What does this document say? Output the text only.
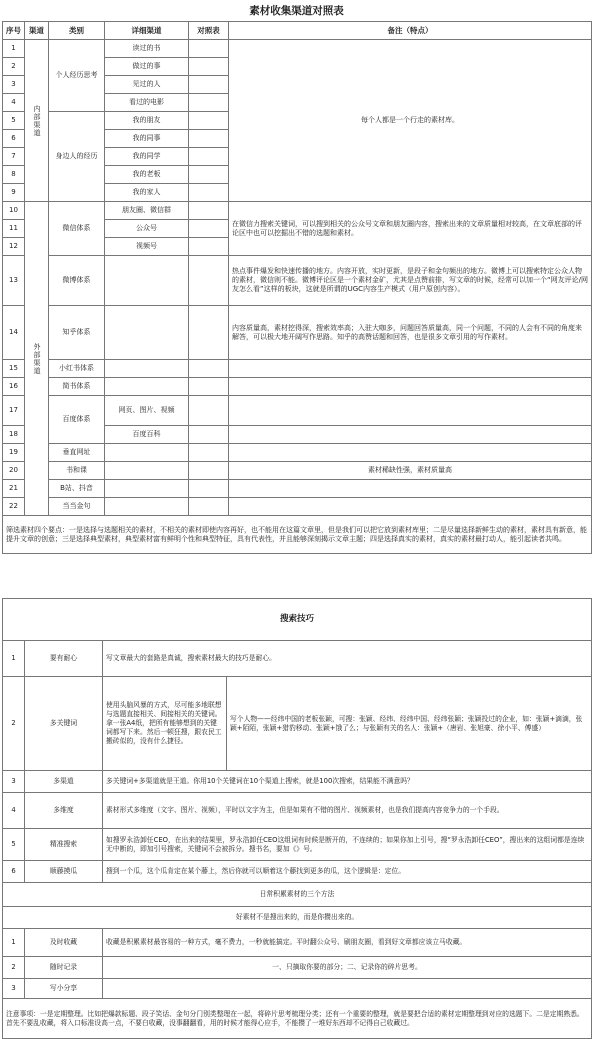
素材收集渠道对照表
序号	渠道	类别	详细渠道	对照表	备注（特点）
1	内部渠道	个人经历思考	读过的书		每个人都是一个行走的素材库。
2			做过的事		
3			见过的人		
4			看过的电影		
5		身边人的经历	我的朋友		
6			我的同事		
7			我的同学		
8			我的老板		
9			我的家人		
10	外部渠道	微信体系	朋友圈、微信群		在微信力搜索关键词，可以搜到相关的公众号文章和朋友圈内容，搜索出来的文章质量相对较高，在文章底部的评论区中也可以挖掘出不错的选题和素材。
11			公众号		
12			视频号		
13		微博体系			热点事件爆发和快速传播的地方。内容开放，实时更新，是段子和金句频出的地方。微博上可以搜索特定公众人物的素材，微信则不能。微博评论区是一个素材金矿，尤其是点赞前排，写文章的时候，经常可以加一个“网友评论/网友怎么看”这样的板块，这就是所谓的UGC内容生产模式（用户原创内容）。
14		知乎体系			内容质量高，素材挖得深，搜索效率高；入驻大咖多，问题回答质量高，同一个问题，不同的人会有不同的角度来解答，可以极大地开阔写作思路。知乎的高赞话题和回答，也是很多文章引用的写作素材。
15		小红书体系			
16		简书体系			
17		百度体系	网页、图片、视频		
18			百度百科		
19		垂直网址			
20		书和课			素材稀缺性强，素材质量高
21		B站、抖音			
22		当当金句			
筛选素材四个要点：一是选择与选题相关的素材，不相关的素材即使内容再好，也不能用在这篇文章里，但是我们可以把它放到素材库里；二是尽量选择新鲜生动的素材，素材具有新意，能提升文章的创意；三是选择典型素材，典型素材富有鲜明个性和典型特征，具有代表性，并且能够深刻揭示文章主题；四是选择真实的素材，真实的素材最打动人，能引起读者共鸣。					
搜索技巧			
1	要有耐心	写文章最大的套路是真诚，搜索素材最大的技巧是耐心。	
2	多关键词	使用头脑风暴的方式，尽可能多地联想与选题直接相关、间接相关的关键词。拿一张A4纸，把所有能够想到的关键词都写下来。然后一顿狂搜，跟农民工搬砖似的，没有什么捷径。	写个人物——经纬中国的老板张颖，可搜：张颖、经纬、经纬中国、经纬张颖；张颖投过的企业，如：张颖+滴滴，张颖+陌陌，张颖+猎豹移动、张颖+饿了么；与张颖有关的名人：张颖+（唐岩、张旭豪、徐小平、傅盛）
3	多渠道	多关键词+多渠道就是王道。你用10个关键词在10个渠道上搜索，就是100次搜索，结果能不满意吗？	
4	多维度	素材形式多维度（文字、图片、视频），平时以文字为主，但是如果有不错的图片、视频素材，也是我们提高内容竞争力的一个手段。	
5	精准搜索	如搜罗永浩卸任CEO，在出来的结果里，罗永浩卸任CEO这组词有时候是断开的，不连续的；如果你加上引号，搜“罗永浩卸任CEO”，搜出来的这组词都是连续无中断的，即加引号搜索，关键词不会被拆分。搜书名，要加《》号。	
6	顺藤摸瓜	搜到一个瓜，这个瓜肯定在某个藤上，然后你就可以顺着这个藤找到更多的瓜，这个逻辑是：定位。	
日常积累素材的三个方法			
好素材不是搜出来的，而是你攒出来的。			
1	及时收藏	收藏是积累素材最容易的一种方式，毫不费力，一秒就能搞定。平时翻公众号、刷朋友圈，看到好文章都应该立马收藏。	
2	随时记录	一、只摘取你要的部分；二、记录你的碎片思考。	
3	写小分享		
注意事项：一是定期整理。比如把爆款标题、段子笑话、金句分门别类整理在一起，将碎片思考梳理分类；还有一个重要的整理，就是要把合适的素材定期整理到对应的选题下。二是定期熟悉。首先不要乱收藏，将入口标准设高一点，不要白收藏，没事翻翻看，用的时候才能得心应手，不能攒了一堆好东西却不记得自己收藏过。			
